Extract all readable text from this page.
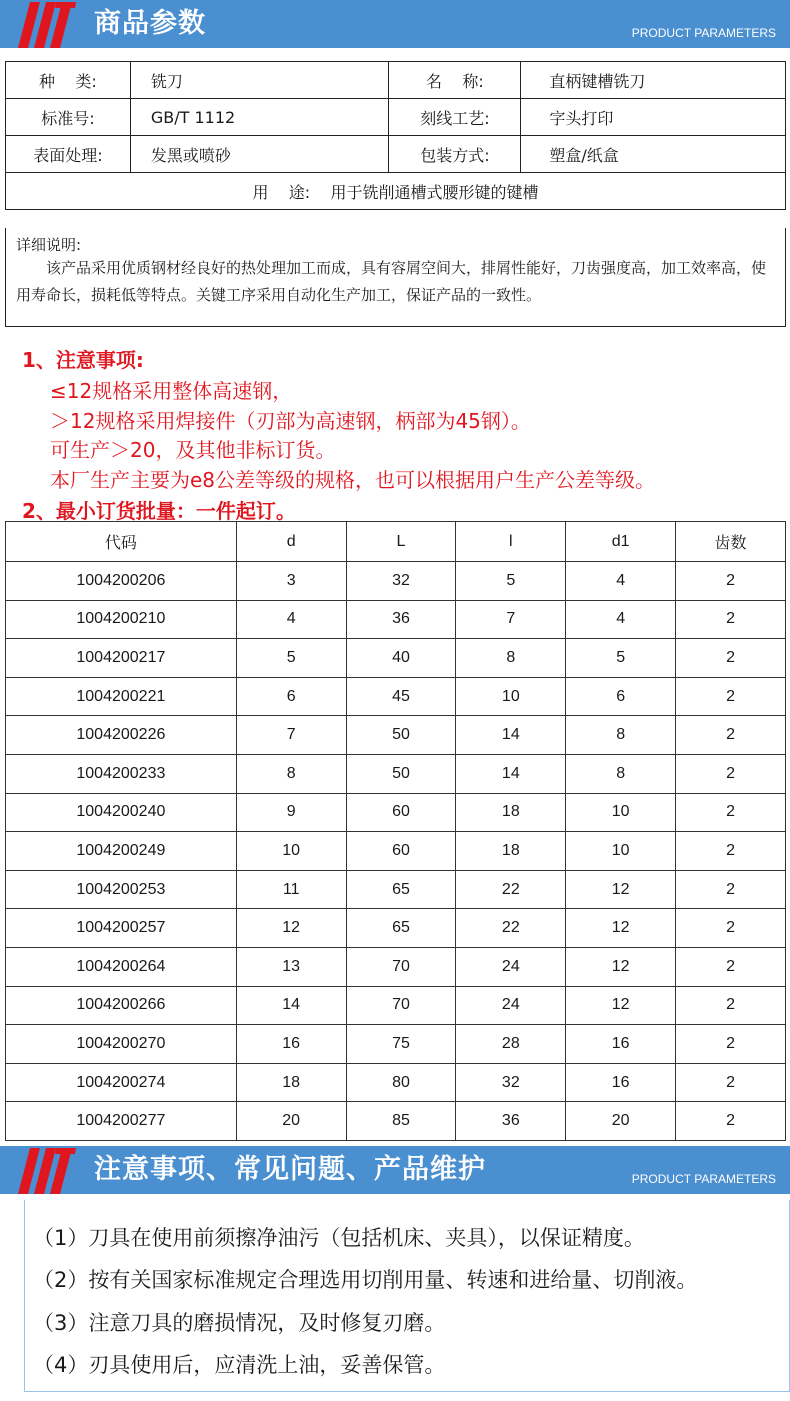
商品参数	PRODUCT PARAMETERS
种    类:	铣刀	名    称:	直柄键槽铣刀
标准号:	GB/T 1112	刻线工艺:	字头打印
表面处理:	发黑或喷砂	包装方式:	塑盒/纸盒
用    途:    用于铣削通槽式腰形键的键槽			
详细说明:
该产品采用优质钢材经良好的热处理加工而成，具有容屑空间大，排屑性能好，刀齿强度高，加工效率高，使用寿命长，损耗低等特点。关键工序采用自动化生产加工，保证产品的一致性。
1、注意事项:
≤12规格采用整体高速钢，
＞12规格采用焊接件（刃部为高速钢，柄部为45钢）。
可生产＞20，及其他非标订货。
本厂生产主要为e8公差等级的规格，也可以根据用户生产公差等级。
2、最小订货批量：一件起订。
代码	d	L	l	d1	齿数
1004200206	3	32	5	4	2
1004200210	4	36	7	4	2
1004200217	5	40	8	5	2
1004200221	6	45	10	6	2
1004200226	7	50	14	8	2
1004200233	8	50	14	8	2
1004200240	9	60	18	10	2
1004200249	10	60	18	10	2
1004200253	11	65	22	12	2
1004200257	12	65	22	12	2
1004200264	13	70	24	12	2
1004200266	14	70	24	12	2
1004200270	16	75	28	16	2
1004200274	18	80	32	16	2
1004200277	20	85	36	20	2
注意事项、常见问题、产品维护	PRODUCT PARAMETERS
（1）刀具在使用前须擦净油污（包括机床、夹具），以保证精度。
（2）按有关国家标准规定合理选用切削用量、转速和进给量、切削液。
（3）注意刀具的磨损情况，及时修复刃磨。
（4）刃具使用后，应清洗上油，妥善保管。
